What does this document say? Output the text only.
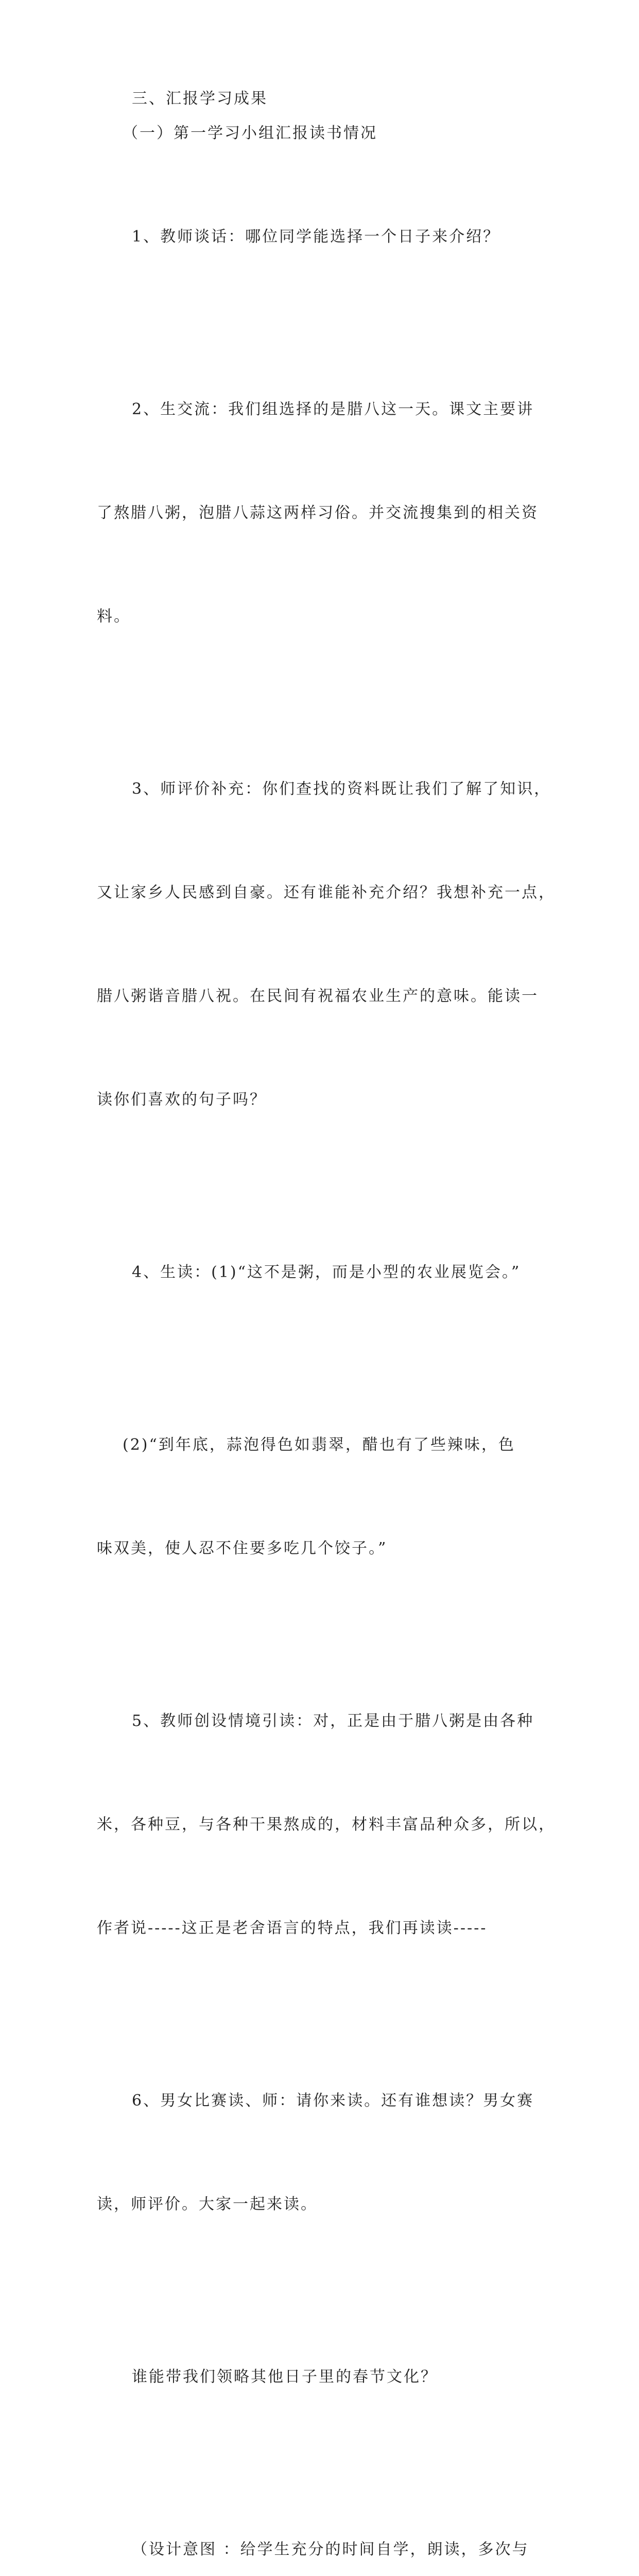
三、汇报学习成果

（一）第一学习小组汇报读书情况

1、教师谈话：哪位同学能选择一个日子来介绍？

2、生交流：我们组选择的是腊八这一天。课文主要讲

了熬腊八粥，泡腊八蒜这两样习俗。并交流搜集到的相关资

料。

3、师评价补充：你们查找的资料既让我们了解了知识，

又让家乡人民感到自豪。还有谁能补充介绍？我想补充一点，

腊八粥谐音腊八祝。在民间有祝福农业生产的意味。能读一

读你们喜欢的句子吗？

4、生读：(1)“这不是粥，而是小型的农业展览会。”

(2)“到年底，蒜泡得色如翡翠，醋也有了些辣味，色

味双美，使人忍不住要多吃几个饺子。”

5、教师创设情境引读：对，正是由于腊八粥是由各种

米，各种豆，与各种干果熬成的，材料丰富品种众多，所以，

作者说-----这正是老舍语言的特点，我们再读读-----

6、男女比赛读、师：请你来读。还有谁想读？男女赛

读，师评价。大家一起来读。

谁能带我们领略其他日子里的春节文化？

（设计意图 ：给学生充分的时间自学，朗读，多次与
